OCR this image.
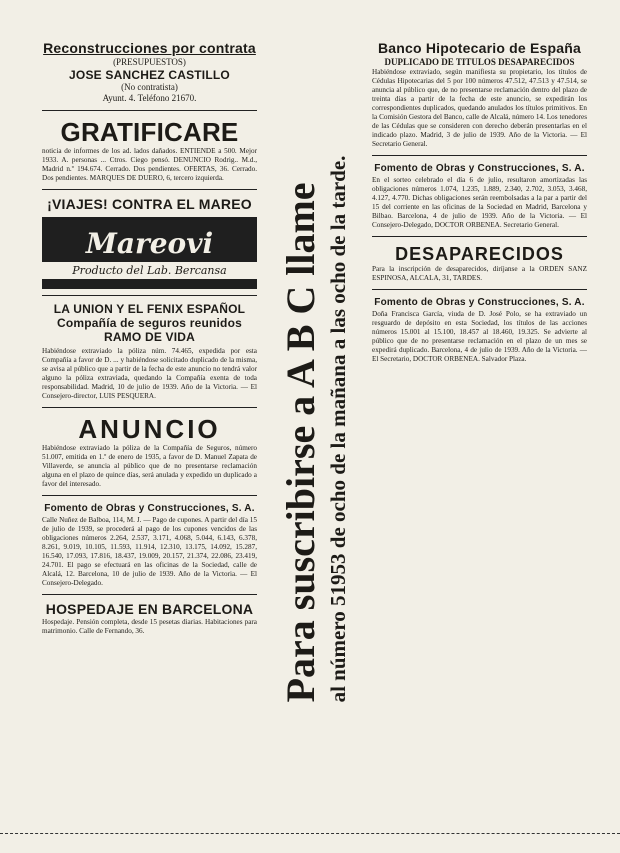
Reconstrucciones por contrata
(PRESUPUESTOS)
JOSE SANCHEZ CASTILLO
(No contratista)
Ayunt. 4. Teléfono 21670.
GRATIFICARE
noticia de informes de los ad. lados dañados. ENTIENDE a 500. Mejor 1933. A. personas ... Ctros. Ciego pensó. DENUNCIO Rodrig.. M.d., Madrid n.º 194.674. Cerrado. Dos pendientes. OFERTAS, 36. Cerrado. Dos pendientes. MARQUES DE DUERO, 6, tercero izquierda.
¡VIAJES! CONTRA EL MAREO
Mareovi
Producto del Lab. Bercansa
LA UNION Y EL FENIX ESPAÑOL
Compañía de seguros reunidos
RAMO DE VIDA
Habiéndose extraviado la póliza núm. 74.465, expedida por esta Compañía a favor de D. ... y habiéndose solicitado duplicado de la misma, se avisa al público que a partir de la fecha de este anuncio no tendrá valor alguno la póliza extraviada, quedando la Compañía exenta de toda responsabilidad. Madrid, 10 de julio de 1939. Año de la Victoria. — El Consejero-director, LUIS PESQUERA.
ANUNCIO
Habiéndose extraviado la póliza de la Compañía de Seguros, número 51.007, emitida en 1.º de enero de 1935, a favor de D. Manuel Zapata de Villaverde, se anuncia al público que de no presentarse reclamación alguna en el plazo de quince días, será anulada y expedido un duplicado a favor del interesado.
Fomento de Obras y Construcciones, S. A.
Calle Nuñez de Balboa, 114, M. J. — Pago de cupones. A partir del día 15 de julio de 1939, se procederá al pago de los cupones vencidos de las obligaciones números 2.264, 2.537, 3.171, 4.068, 5.044, 6.143, 6.378, 8.261, 9.019, 10.105, 11.593, 11.914, 12.310, 13.175, 14.092, 15.287, 16.540, 17.093, 17.816, 18.437, 19.009, 20.157, 21.374, 22.086, 23.419, 24.701. El pago se efectuará en las oficinas de la Sociedad, calle de Alcalá, 12. Barcelona, 10 de julio de 1939. Año de la Victoria. — El Consejero-Delegado.
HOSPEDAJE EN BARCELONA
Hospedaje. Pensión completa, desde 15 pesetas diarias. Habitaciones para matrimonio. Calle de Fernando, 36.	Para suscribirse a A B C llame al número 51953 de ocho de la mañana a las ocho de la tarde.
Banco Hipotecario de España
DUPLICADO DE TITULOS DESAPARECIDOS
Habiéndose extraviado, según manifiesta su propietario, los títulos de Cédulas Hipotecarias del 5 por 100 números 47.512, 47.513 y 47.514, se anuncia al público que, de no presentarse reclamación dentro del plazo de treinta días a partir de la fecha de este anuncio, se expedirán los correspondientes duplicados, quedando anulados los títulos primitivos. En la Comisión Gestora del Banco, calle de Alcalá, número 14. Los tenedores de las Cédulas que se consideren con derecho deberán presentarlas en el indicado plazo. Madrid, 3 de julio de 1939. Año de la Victoria. — El Secretario General.
Fomento de Obras y Construcciones, S. A.
En el sorteo celebrado el día 6 de julio, resultaron amortizadas las obligaciones números 1.074, 1.235, 1.889, 2.340, 2.702, 3.053, 3.468, 4.127, 4.770. Dichas obligaciones serán reembolsadas a la par a partir del 15 del corriente en las oficinas de la Sociedad en Madrid, Barcelona y Bilbao. Barcelona, 4 de julio de 1939. Año de la Victoria. — El Consejero-Delegado, DOCTOR ORBENEA. Secretario General.
DESAPARECIDOS
Para la inscripción de desaparecidos, diríjanse a la ORDEN SANZ ESPINOSA, ALCALA, 31, TARDES.
Fomento de Obras y Construcciones, S. A.
Doña Francisca García, viuda de D. José Polo, se ha extraviado un resguardo de depósito en esta Sociedad, los títulos de las acciones números 15.001 al 15.100, 18.457 al 18.460, 19.325. Se advierte al público que de no presentarse reclamación en el plazo de un mes se expedirá duplicado. Barcelona, 4 de julio de 1939. Año de la Victoria. — El Secretario, DOCTOR ORBENEA. Salvador Plaza.
